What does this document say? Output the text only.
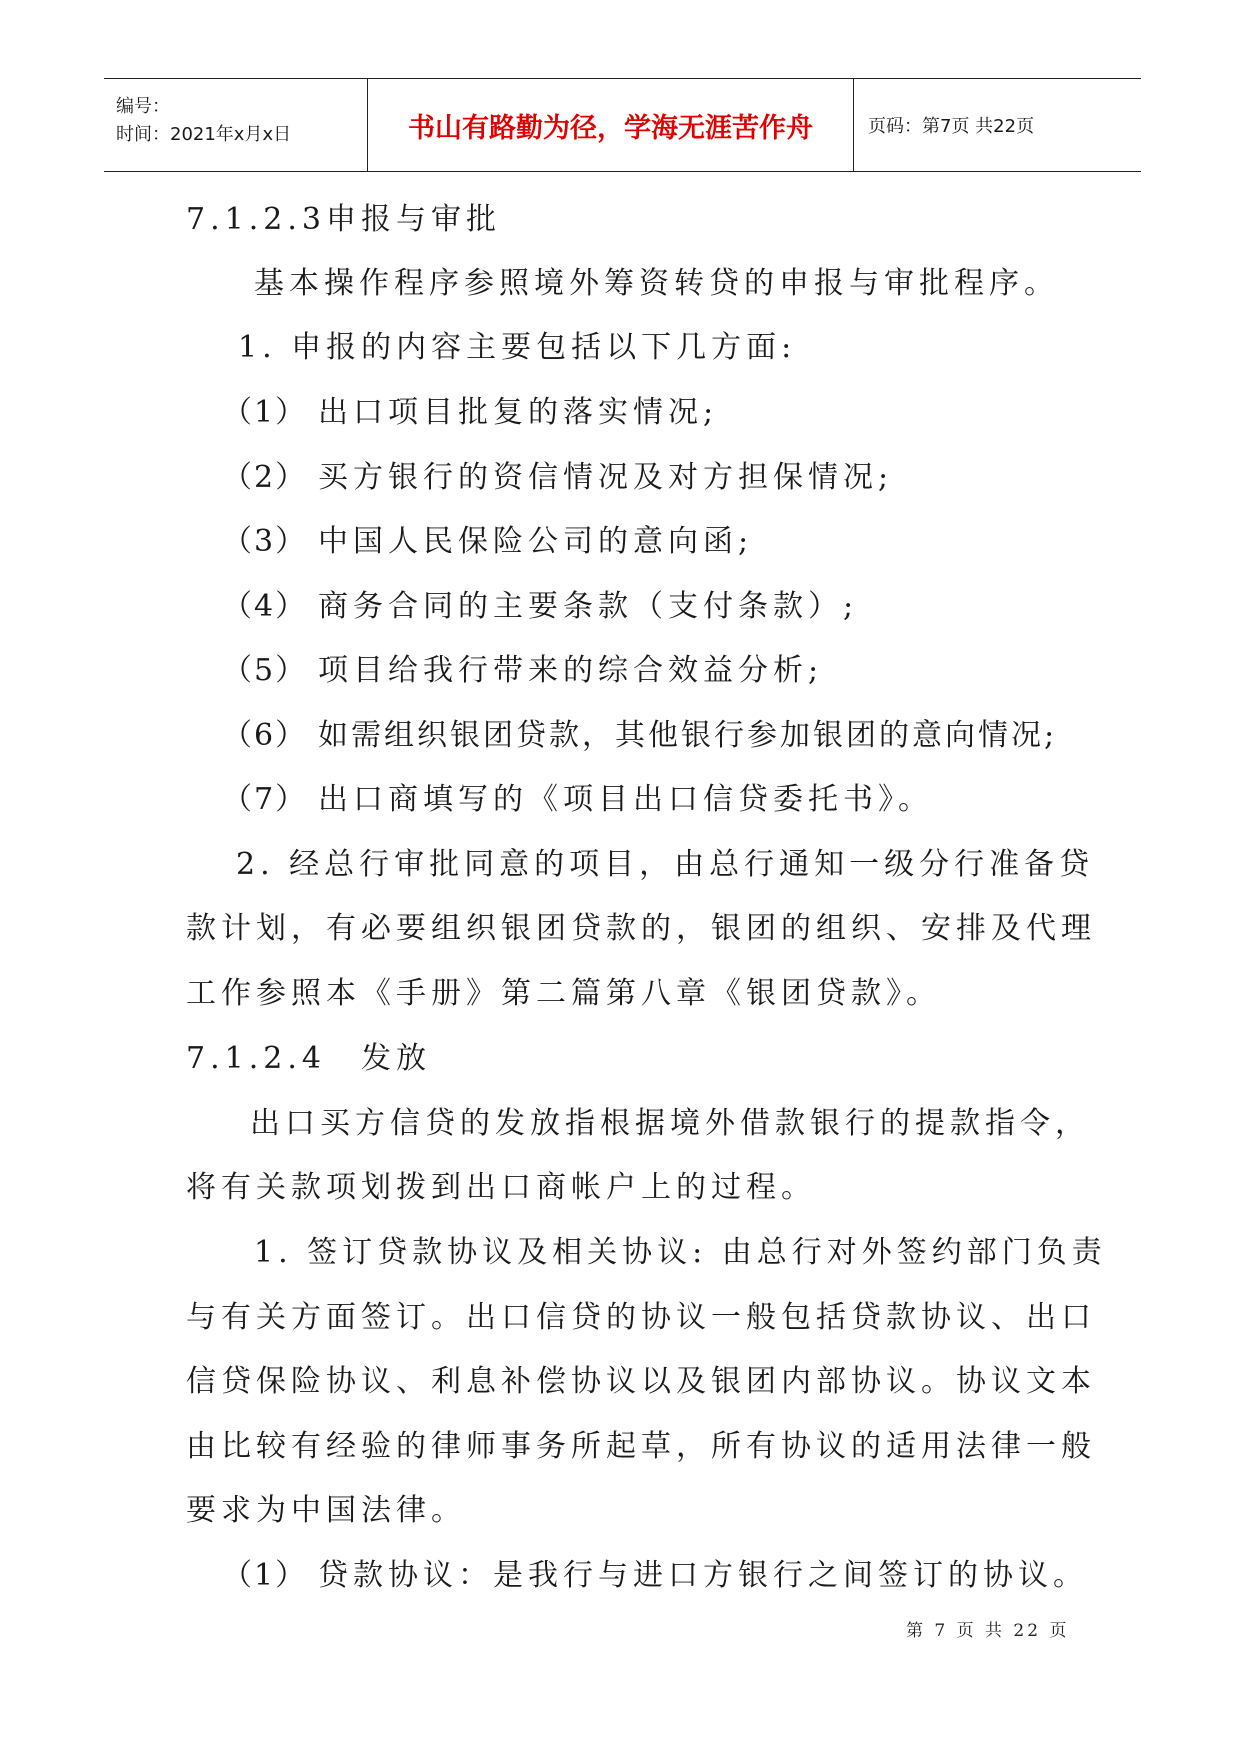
编号：
时间：2021年x月x日	书山有路勤为径，学海无涯苦作舟	页码：第7页 共22页
7.1.2.3申报与审批
基本操作程序参照境外筹资转贷的申报与审批程序。
1. 申报的内容主要包括以下几方面:
（1） 出口项目批复的落实情况;
（2） 买方银行的资信情况及对方担保情况;
（3） 中国人民保险公司的意向函;
（4） 商务合同的主要条款（支付条款）;
（5） 项目给我行带来的综合效益分析;
（6） 如需组织银团贷款，其他银行参加银团的意向情况;
（7） 出口商填写的《项目出口信贷委托书》。
2. 经总行审批同意的项目，由总行通知一级分行准备贷
款计划，有必要组织银团贷款的，银团的组织、安排及代理
工作参照本《手册》第二篇第八章《银团贷款》。
7.1.2.4　发放
出口买方信贷的发放指根据境外借款银行的提款指令，
将有关款项划拨到出口商帐户上的过程。
1. 签订贷款协议及相关协议: 由总行对外签约部门负责
与有关方面签订。出口信贷的协议一般包括贷款协议、出口
信贷保险协议、利息补偿协议以及银团内部协议。协议文本
由比较有经验的律师事务所起草，所有协议的适用法律一般
要求为中国法律。
（1） 贷款协议：是我行与进口方银行之间签订的协议。
第 7 页 共 22 页
